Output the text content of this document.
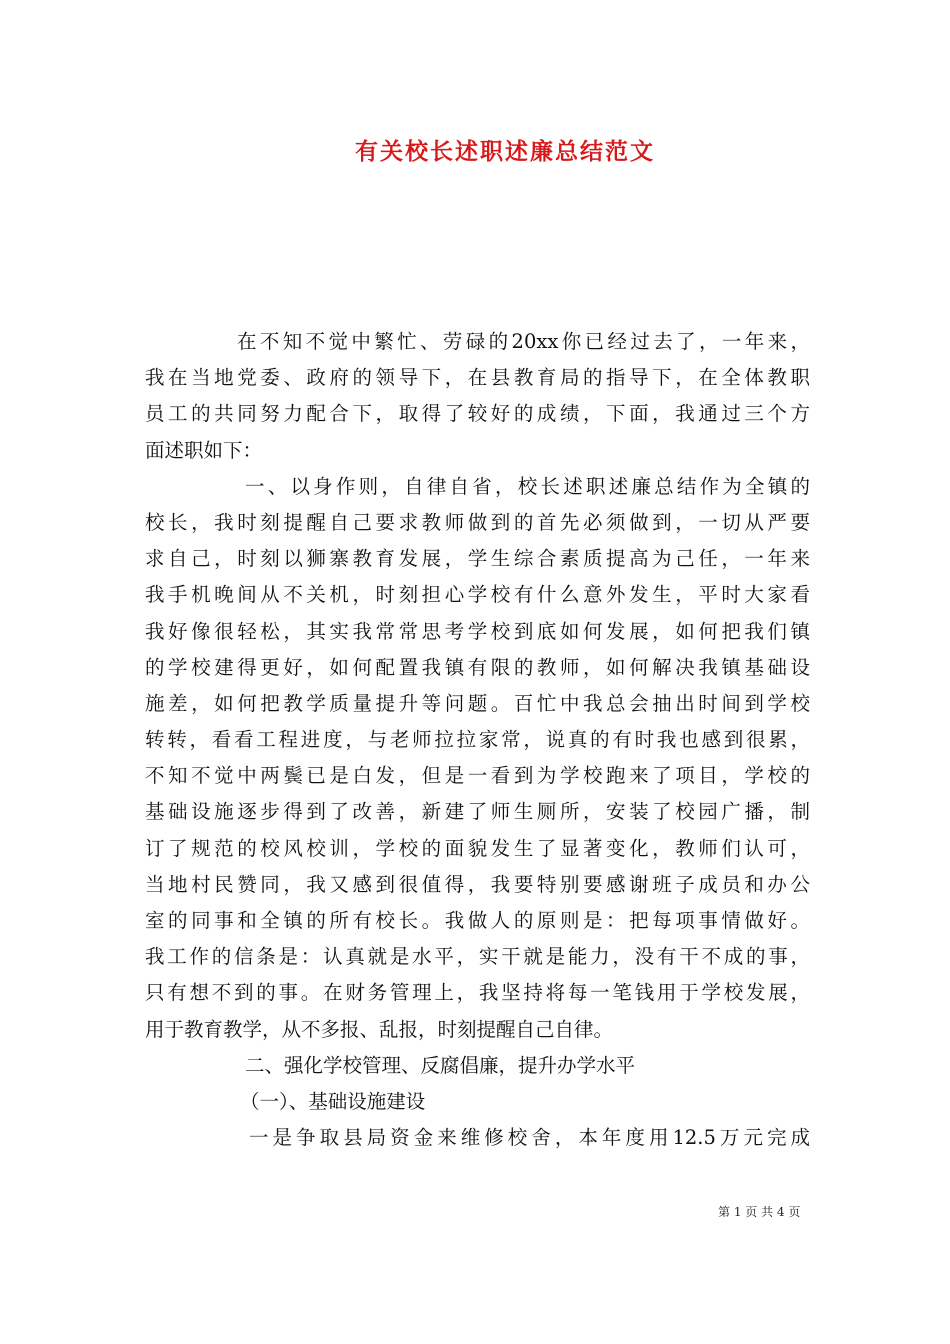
有关校长述职述廉总结范文
在不知不觉中繁忙、劳碌的20xx你已经过去了，一年来，
我在当地党委、政府的领导下，在县教育局的指导下，在全体教职
员工的共同努力配合下，取得了较好的成绩，下面，我通过三个方
面述职如下：
一、以身作则，自律自省，校长述职述廉总结作为全镇的
校长，我时刻提醒自己要求教师做到的首先必须做到，一切从严要
求自己，时刻以狮寨教育发展，学生综合素质提高为己任，一年来
我手机晚间从不关机，时刻担心学校有什么意外发生，平时大家看
我好像很轻松，其实我常常思考学校到底如何发展，如何把我们镇
的学校建得更好，如何配置我镇有限的教师，如何解决我镇基础设
施差，如何把教学质量提升等问题。百忙中我总会抽出时间到学校
转转，看看工程进度，与老师拉拉家常，说真的有时我也感到很累，
不知不觉中两鬓已是白发，但是一看到为学校跑来了项目，学校的
基础设施逐步得到了改善，新建了师生厕所，安装了校园广播，制
订了规范的校风校训，学校的面貌发生了显著变化，教师们认可，
当地村民赞同，我又感到很值得，我要特别要感谢班子成员和办公
室的同事和全镇的所有校长。我做人的原则是：把每项事情做好。
我工作的信条是：认真就是水平，实干就是能力，没有干不成的事，
只有想不到的事。在财务管理上，我坚持将每一笔钱用于学校发展，
用于教育教学，从不多报、乱报，时刻提醒自己自律。
二、强化学校管理、反腐倡廉，提升办学水平
（一）、基础设施建设
一是争取县局资金来维修校舍，本年度用12.5万元完成
第 1 页 共 4 页
